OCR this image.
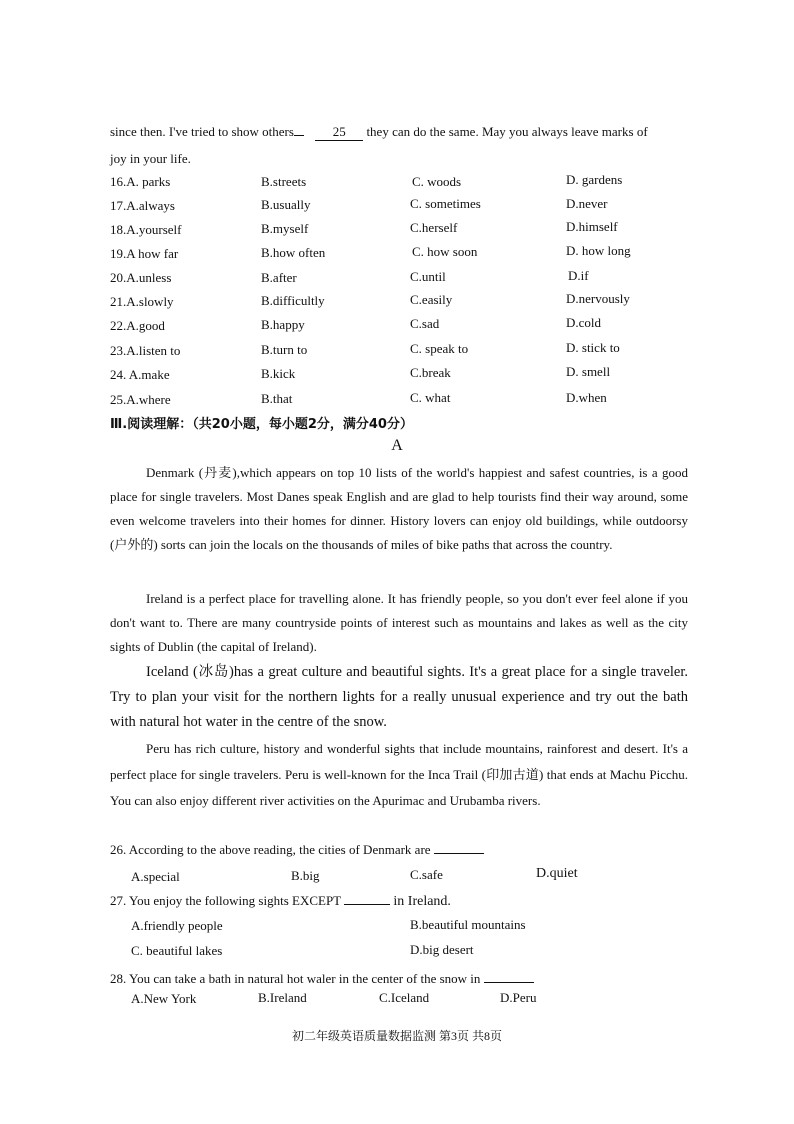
since then. I've tried to show others	25 they can do the same. May you always leave marks of
joy in your life.
16.A. parks	B.streets	C. woods	D. gardens
17.A.always	B.usually	C. sometimes	D.never
18.A.yourself	B.myself	C.herself	D.himself
19.A how far	B.how often	C. how soon	D. how long
20.A.unless	B.after	C.until	D.if
21.A.slowly	B.difficultly	C.easily	D.nervously
22.A.good	B.happy	C.sad	D.cold
23.A.listen to	B.turn to	C. speak to	D. stick to
24. A.make	B.kick	C.break	D. smell
25.A.where	B.that	C. what	D.when
Ⅲ.阅读理解：（共20小题，每小题2分，满分40分）
A
Denmark (丹麦),which appears on top 10 lists of the world's happiest and safest countries, is a good place for single travelers. Most Danes speak English and are glad to help tourists find their way around, some even welcome travelers into their homes for dinner. History lovers can enjoy old buildings, while outdoorsy (户外的) sorts can join the locals on the thousands of miles of bike paths that across the country.
Ireland is a perfect place for travelling alone. It has friendly people, so you don't ever feel alone if you don't want to. There are many countryside points of interest such as mountains and lakes as well as the city sights of Dublin (the capital of Ireland).
Iceland (冰岛)has a great culture and beautiful sights. It's a great place for a single traveler. Try to plan your visit for the northern lights for a really unusual experience and try out the bath with natural hot water in the centre of the snow.
Peru has rich culture, history and wonderful sights that include mountains, rainforest and desert. It's a perfect place for single travelers. Peru is well-known for the Inca Trail (印加古道) that ends at Machu Picchu. You can also enjoy different river activities on the Apurimac and Urubamba rivers.
26. According to the above reading, the cities of Denmark are
A.special	B.big	C.safe	D.quiet
27. You enjoy the following sights EXCEPT	in Ireland.
A.friendly people	B.beautiful mountains
C. beautiful lakes	D.big desert
28. You can take a bath in natural hot waler in the center of the snow in
A.New York	B.Ireland	C.Iceland	D.Peru
初二年级英语质量数据监测 第3页 共8页
